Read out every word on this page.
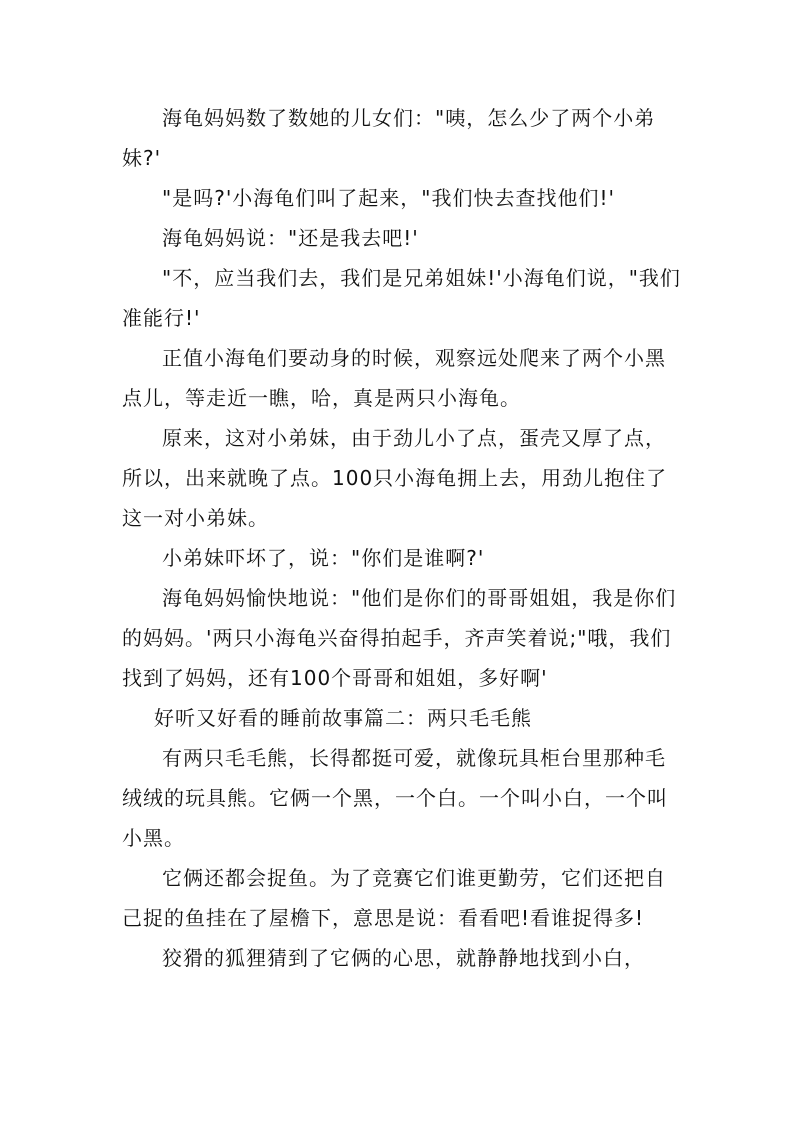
海龟妈妈数了数她的儿女们："咦，怎么少了两个小弟妹?'

"是吗?'小海龟们叫了起来，"我们快去查找他们!'

海龟妈妈说："还是我去吧!'

"不，应当我们去，我们是兄弟姐妹!'小海龟们说，"我们准能行!'

正值小海龟们要动身的时候，观察远处爬来了两个小黑点儿，等走近一瞧，哈，真是两只小海龟。

原来，这对小弟妹，由于劲儿小了点，蛋壳又厚了点，所以，出来就晚了点。100只小海龟拥上去，用劲儿抱住了这一对小弟妹。

小弟妹吓坏了，说："你们是谁啊?'

海龟妈妈愉快地说："他们是你们的哥哥姐姐，我是你们的妈妈。'两只小海龟兴奋得拍起手，齐声笑着说;"哦，我们找到了妈妈，还有100个哥哥和姐姐，多好啊'

好听又好看的睡前故事篇二：两只毛毛熊

有两只毛毛熊，长得都挺可爱，就像玩具柜台里那种毛绒绒的玩具熊。它俩一个黑，一个白。一个叫小白，一个叫小黑。

它俩还都会捉鱼。为了竞赛它们谁更勤劳，它们还把自己捉的鱼挂在了屋檐下，意思是说：看看吧!看谁捉得多!

狡猾的狐狸猜到了它俩的心思，就静静地找到小白，
